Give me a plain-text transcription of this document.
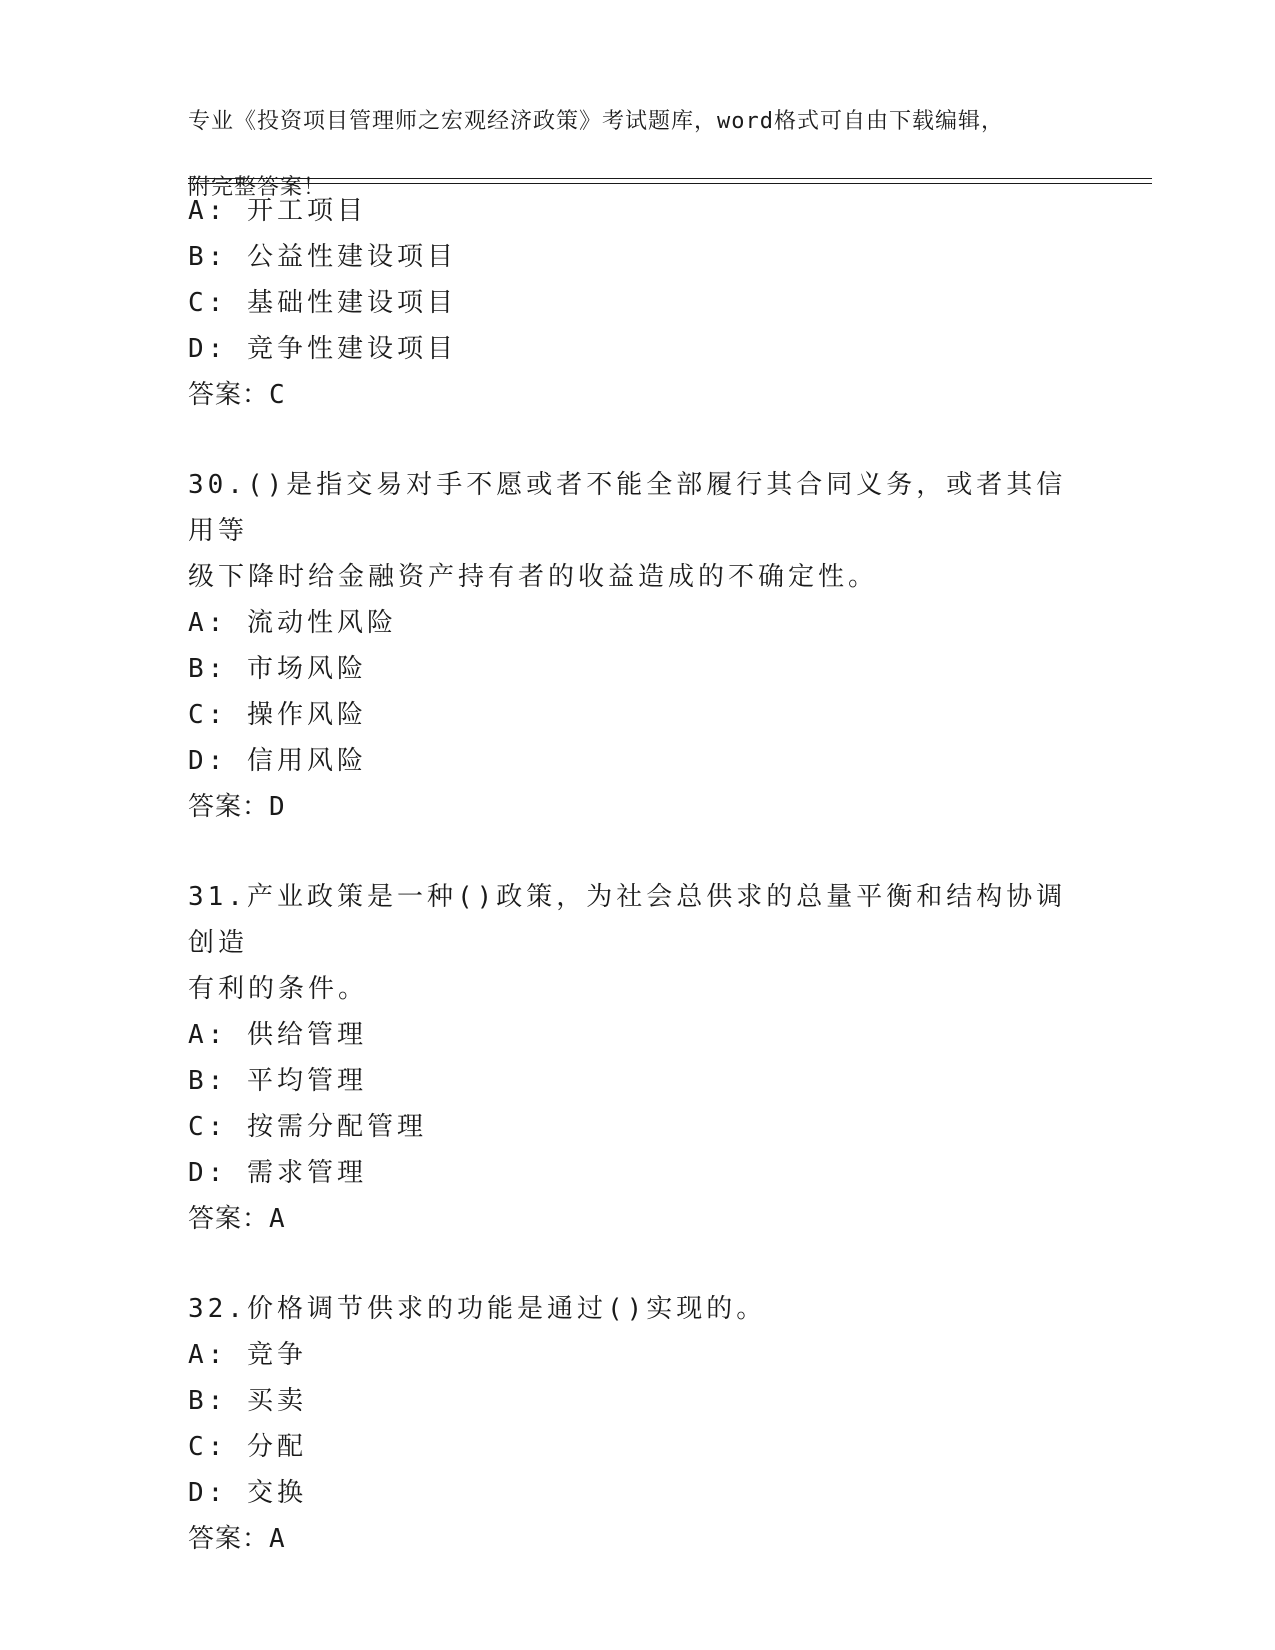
专业《投资项目管理师之宏观经济政策》考试题库，word格式可自由下载编辑，

附完整答案！

A: 开工项目
B: 公益性建设项目
C: 基础性建设项目
D: 竞争性建设项目
答案：C
30.()是指交易对手不愿或者不能全部履行其合同义务，或者其信用等
级下降时给金融资产持有者的收益造成的不确定性。
A: 流动性风险
B: 市场风险
C: 操作风险
D: 信用风险
答案：D
31.产业政策是一种()政策，为社会总供求的总量平衡和结构协调创造
有利的条件。
A: 供给管理
B: 平均管理
C: 按需分配管理
D: 需求管理
答案：A
32.价格调节供求的功能是通过()实现的。
A: 竞争
B: 买卖
C: 分配
D: 交换
答案：A
